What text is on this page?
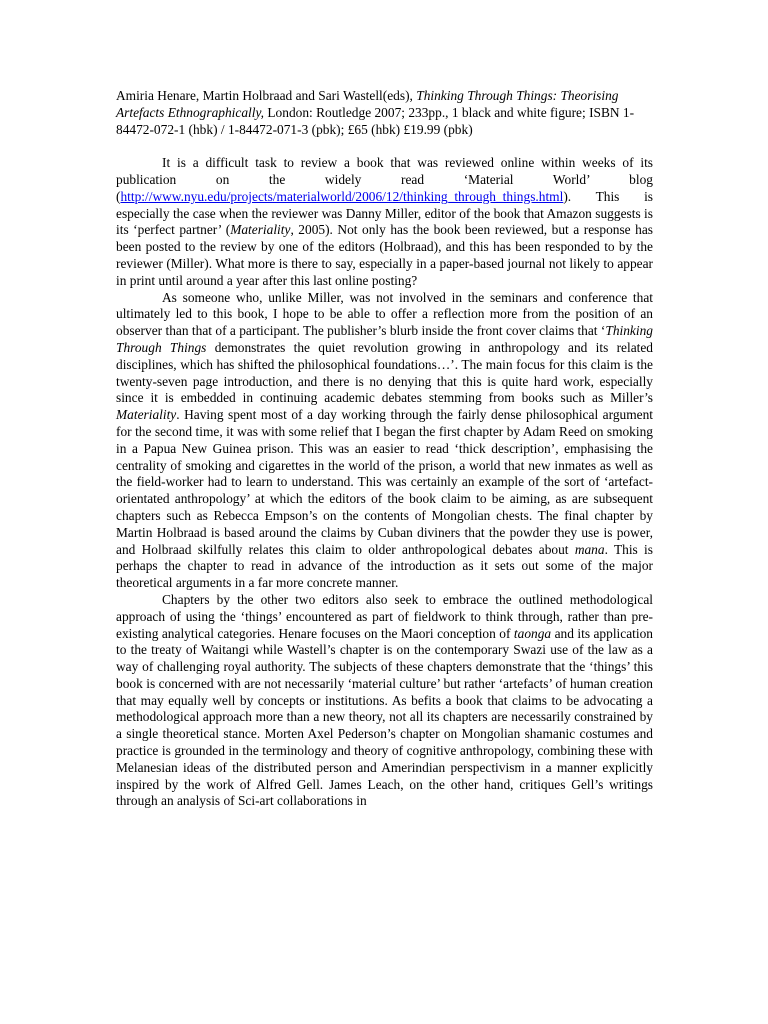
Amiria Henare, Martin Holbraad and Sari Wastell(eds), Thinking Through Things: Theorising Artefacts Ethnographically, London: Routledge 2007; 233pp., 1 black and white figure; ISBN 1-84472-072-1 (hbk) / 1-84472-071-3 (pbk); £65 (hbk) £19.99 (pbk)

It is a difficult task to review a book that was reviewed online within weeks of its publication on the widely read ‘Material World’ blog (http://www.nyu.edu/projects/materialworld/2006/12/thinking_through_things.html). This is especially the case when the reviewer was Danny Miller, editor of the book that Amazon suggests is its ‘perfect partner’ (Materiality, 2005). Not only has the book been reviewed, but a response has been posted to the review by one of the editors (Holbraad), and this has been responded to by the reviewer (Miller). What more is there to say, especially in a paper-based journal not likely to appear in print until around a year after this last online posting?

As someone who, unlike Miller, was not involved in the seminars and conference that ultimately led to this book, I hope to be able to offer a reflection more from the position of an observer than that of a participant. The publisher’s blurb inside the front cover claims that ‘Thinking Through Things demonstrates the quiet revolution growing in anthropology and its related disciplines, which has shifted the philosophical foundations…’. The main focus for this claim is the twenty-seven page introduction, and there is no denying that this is quite hard work, especially since it is embedded in continuing academic debates stemming from books such as Miller’s Materiality. Having spent most of a day working through the fairly dense philosophical argument for the second time, it was with some relief that I began the first chapter by Adam Reed on smoking in a Papua New Guinea prison. This was an easier to read ‘thick description’, emphasising the centrality of smoking and cigarettes in the world of the prison, a world that new inmates as well as the field-worker had to learn to understand. This was certainly an example of the sort of ‘artefact-orientated anthropology’ at which the editors of the book claim to be aiming, as are subsequent chapters such as Rebecca Empson’s on the contents of Mongolian chests. The final chapter by Martin Holbraad is based around the claims by Cuban diviners that the powder they use is power, and Holbraad skilfully relates this claim to older anthropological debates about mana. This is perhaps the chapter to read in advance of the introduction as it sets out some of the major theoretical arguments in a far more concrete manner.

Chapters by the other two editors also seek to embrace the outlined methodological approach of using the ‘things’ encountered as part of fieldwork to think through, rather than pre-existing analytical categories. Henare focuses on the Maori conception of taonga and its application to the treaty of Waitangi while Wastell’s chapter is on the contemporary Swazi use of the law as a way of challenging royal authority. The subjects of these chapters demonstrate that the ‘things’ this book is concerned with are not necessarily ‘material culture’ but rather ‘artefacts’ of human creation that may equally well by concepts or institutions. As befits a book that claims to be advocating a methodological approach more than a new theory, not all its chapters are necessarily constrained by a single theoretical stance. Morten Axel Pederson’s chapter on Mongolian shamanic costumes and practice is grounded in the terminology and theory of cognitive anthropology, combining these with Melanesian ideas of the distributed person and Amerindian perspectivism in a manner explicitly inspired by the work of Alfred Gell. James Leach, on the other hand, critiques Gell’s writings through an analysis of Sci-art collaborations in
